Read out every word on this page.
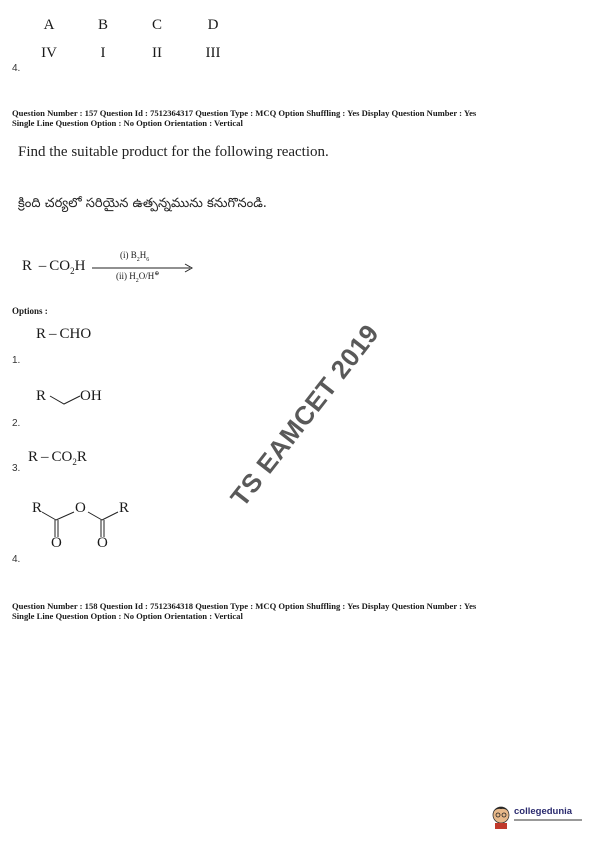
A	B	C	D
IV	I	II	III
4.
Question Number : 157 Question Id : 7512364317 Question Type : MCQ Option Shuffling : Yes Display Question Number : Yes
Single Line Question Option : No Option Orientation : Vertical
Find the suitable product for the following reaction.
క్రింది చర్యలో సరియైన ఉత్పన్నమును కనుగొనండి.
R  – $CO_2H$
(i) $B_2H_6$
(ii) $H_2O/H^\oplus$
Options :
R – CHO
1.
R OH
2.
R – $CO_2R$
3.
R O R
O O
4.
Question Number : 158 Question Id : 7512364318 Question Type : MCQ Option Shuffling : Yes Display Question Number : Yes
Single Line Question Option : No Option Orientation : Vertical
TS EAMCET 2019
collegedunia
